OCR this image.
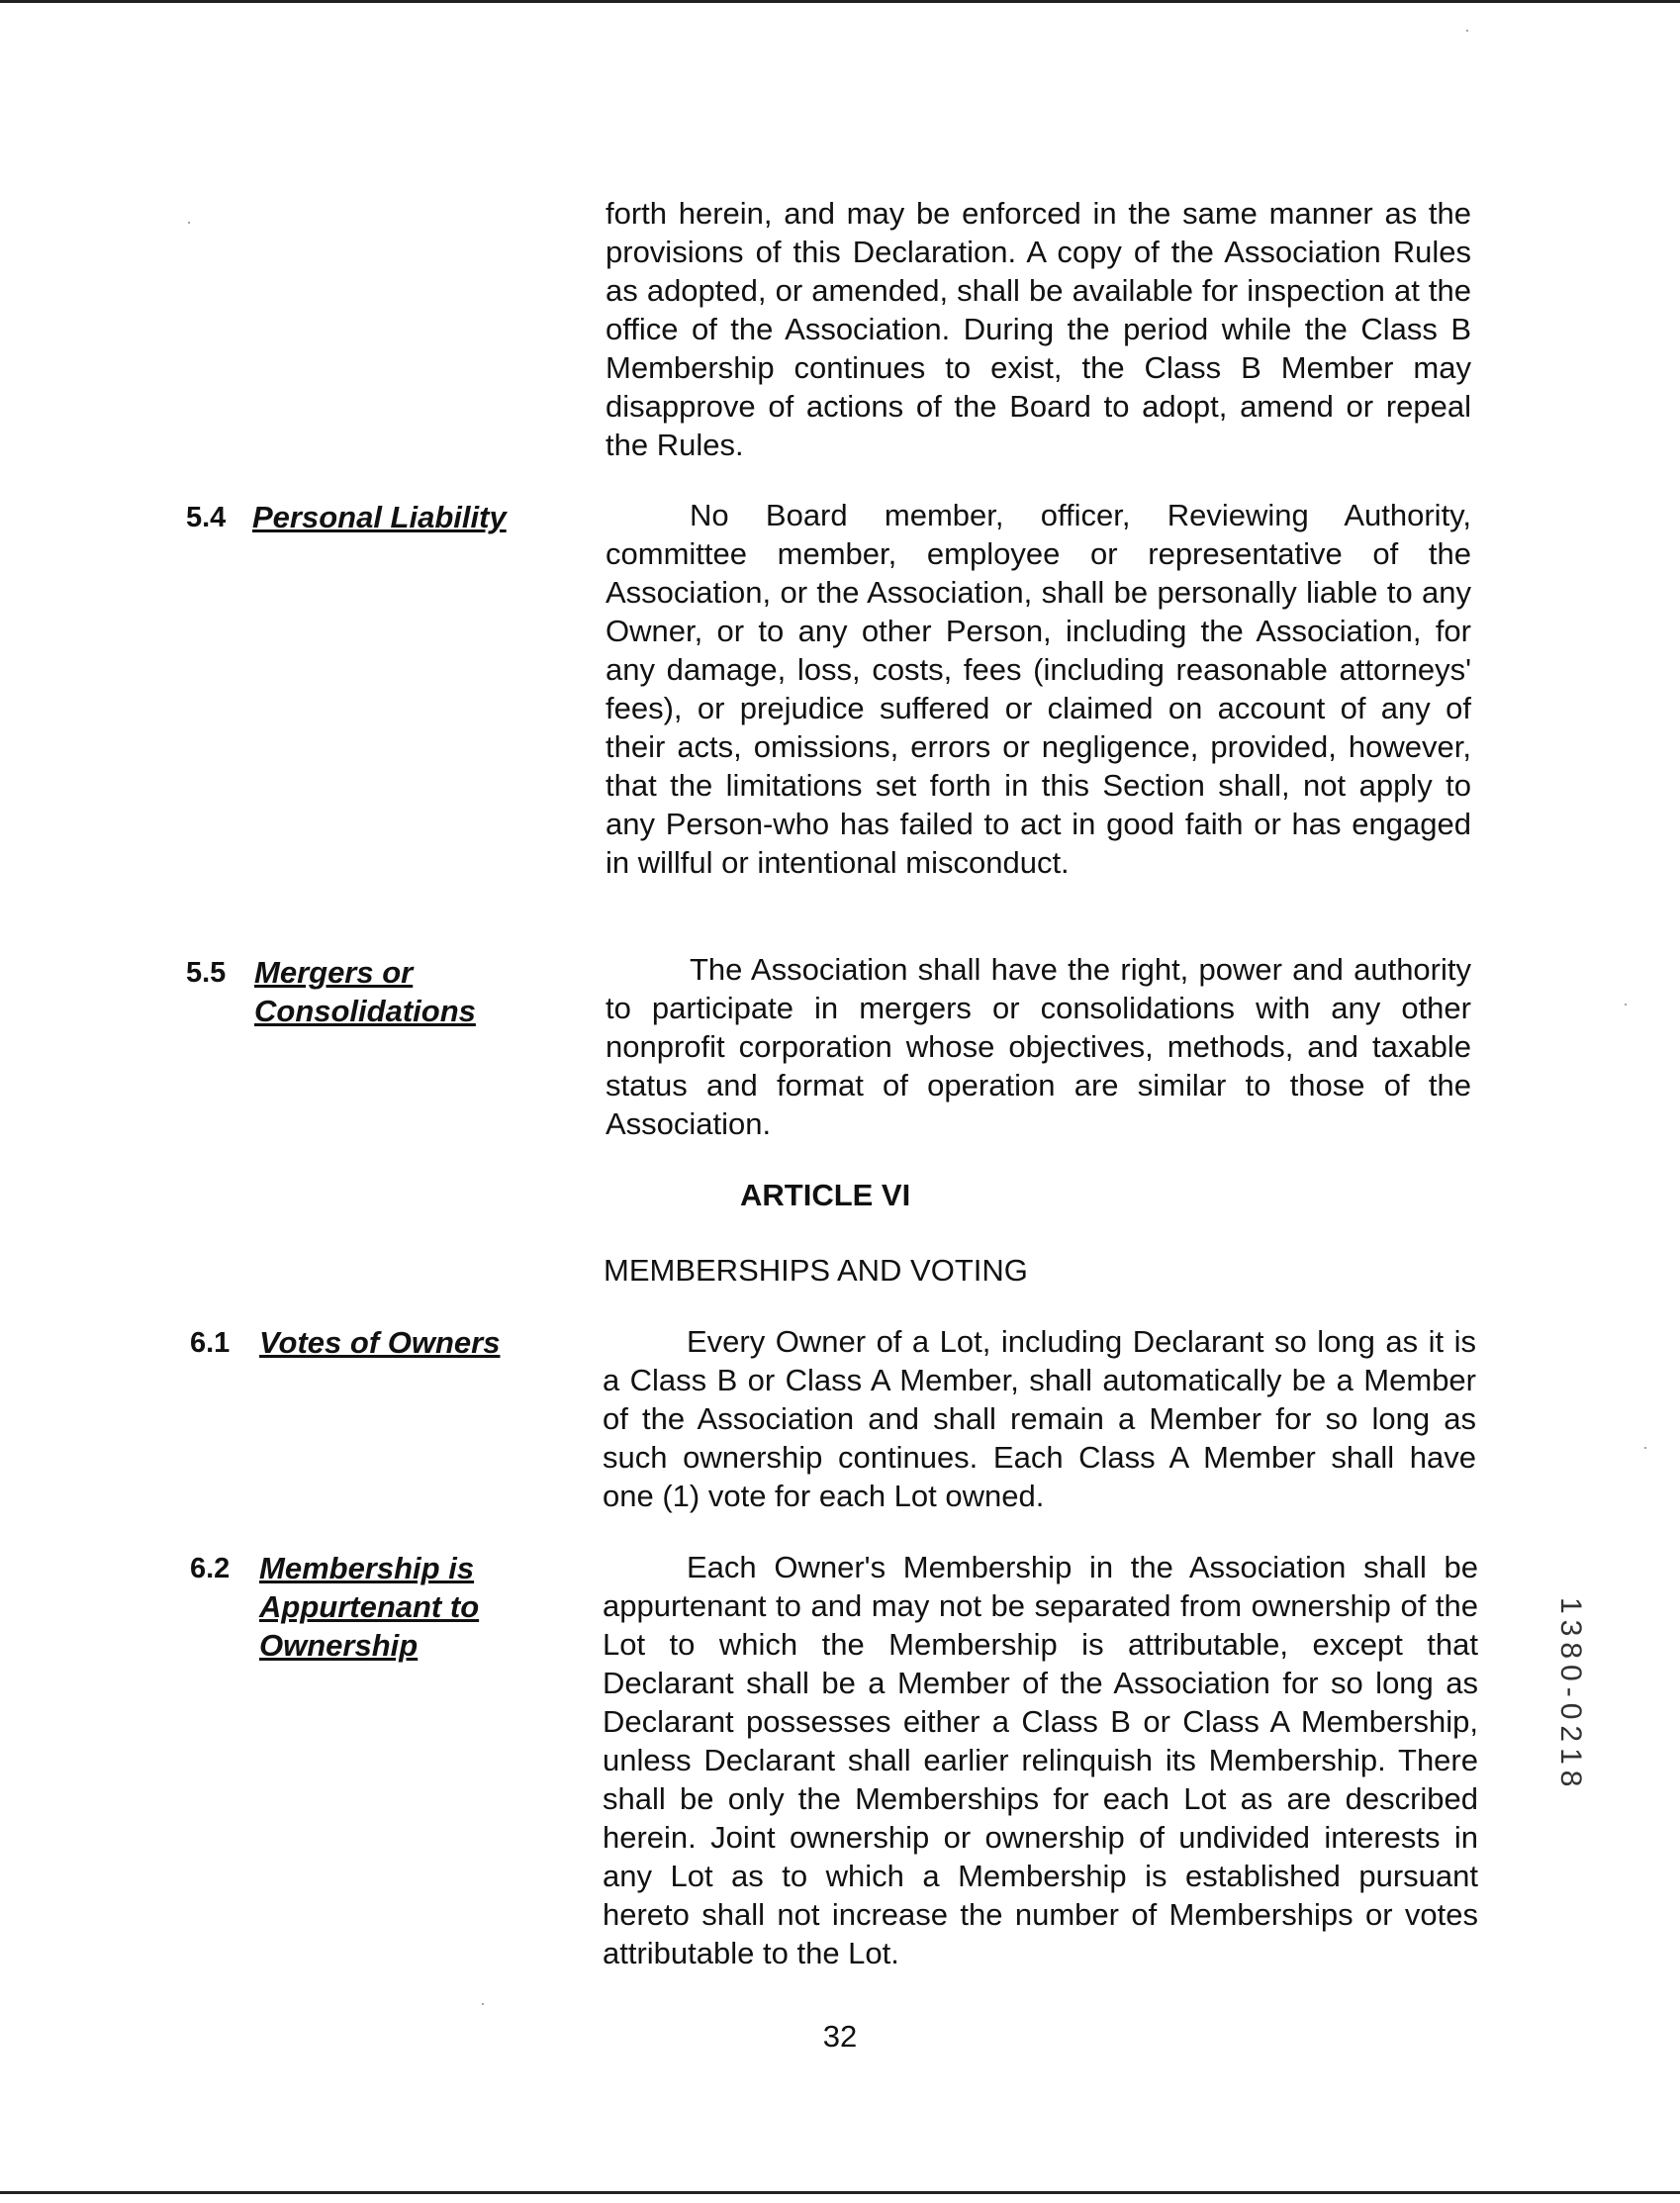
forth herein, and may be enforced in the same manner as the provisions of this Declaration. A copy of the Association Rules as adopted, or amended, shall be available for inspection at the office of the Association. During the period while the Class B Membership continues to exist, the Class B Member may disapprove of actions of the Board to adopt, amend or repeal the Rules.

5.4 Personal Liability	No Board member, officer, Reviewing Authority, committee member, employee or representative of the Association, or the Association, shall be personally liable to any Owner, or to any other Person, including the Association, for any damage, loss, costs, fees (including reasonable attorneys' fees), or prejudice suffered or claimed on account of any of their acts, omissions, errors or negligence, provided, however, that the limitations set forth in this Section shall, not apply to any Person-who has failed to act in good faith or has engaged in willful or intentional misconduct.

5.5 Mergers or Consolidations

The Association shall have the right, power and authority to participate in mergers or consolidations with any other nonprofit corporation whose objectives, methods, and taxable status and format of operation are similar to those of the Association.

ARTICLE VI
MEMBERSHIPS AND VOTING
6.1 Votes of Owners	Every Owner of a Lot, including Declarant so long as it is a Class B or Class A Member, shall automatically be a Member of the Association and shall remain a Member for so long as such ownership continues. Each Class A Member shall have one (1) vote for each Lot owned.

6.2 Membership is Appurtenant to Ownership

Each Owner's Membership in the Association shall be appurtenant to and may not be separated from ownership of the Lot to which the Membership is attributable, except that Declarant shall be a Member of the Association for so long as Declarant possesses either a Class B or Class A Membership, unless Declarant shall earlier relinquish its Membership. There shall be only the Memberships for each Lot as are described herein. Joint ownership or ownership of undivided interests in any Lot as to which a Membership is established pursuant hereto shall not increase the number of Memberships or votes attributable to the Lot.

32
1380-0218
